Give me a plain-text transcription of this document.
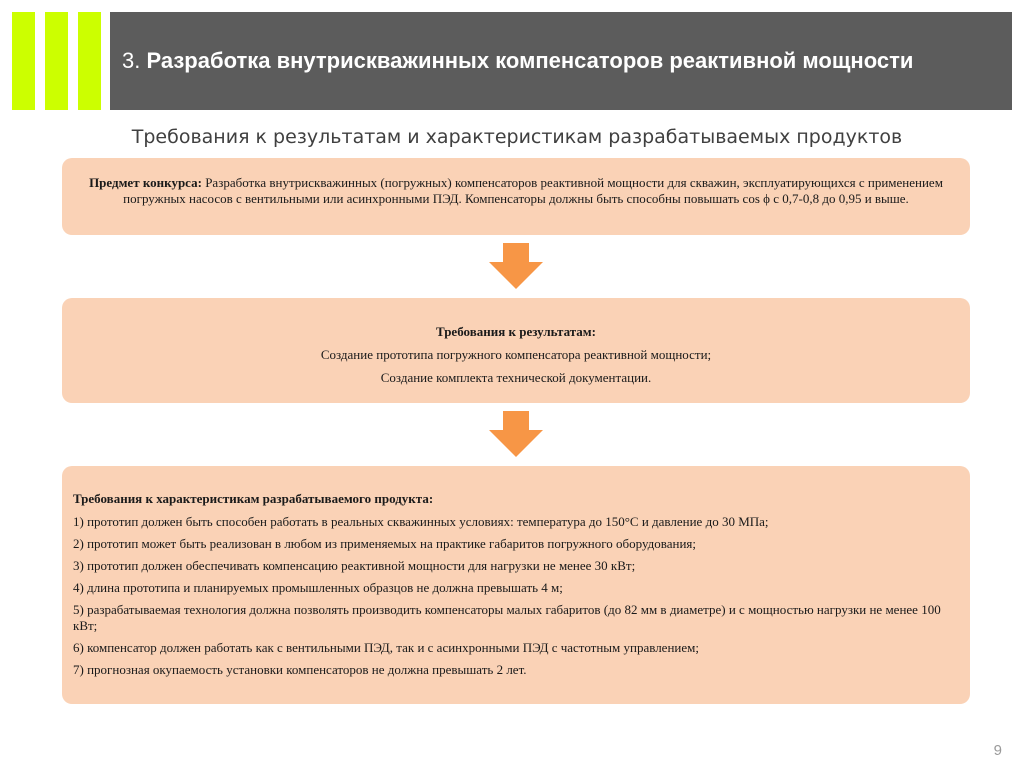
3. Разработка внутрискважинных компенсаторов реактивной мощности
Требования к результатам и характеристикам разрабатываемых продуктов
Предмет конкурса: Разработка внутрискважинных (погружных) компенсаторов реактивной мощности для скважин, эксплуатирующихся с применением погружных насосов с вентильными или асинхронными ПЭД. Компенсаторы должны быть способны повышать cos ϕ с 0,7-0,8 до 0,95 и выше.
Требования к результатам:
Создание прототипа погружного компенсатора реактивной мощности;
Создание комплекта технической документации.
Требования к характеристикам разрабатываемого продукта:
1) прототип должен быть способен работать в реальных скважинных условиях: температура до 150°С и давление до 30 МПа;
2) прототип может быть реализован в любом из применяемых на практике габаритов погружного оборудования;
3) прототип должен обеспечивать компенсацию реактивной мощности для нагрузки не менее 30 кВт;
4) длина прототипа и планируемых промышленных образцов не должна превышать 4 м;
5) разрабатываемая технология должна позволять производить компенсаторы малых габаритов (до 82 мм в диаметре) и с мощностью нагрузки не менее 100 кВт;
6) компенсатор должен работать как с вентильными ПЭД, так и с асинхронными ПЭД с частотным управлением;
7) прогнозная окупаемость установки компенсаторов не должна превышать 2 лет.
9
